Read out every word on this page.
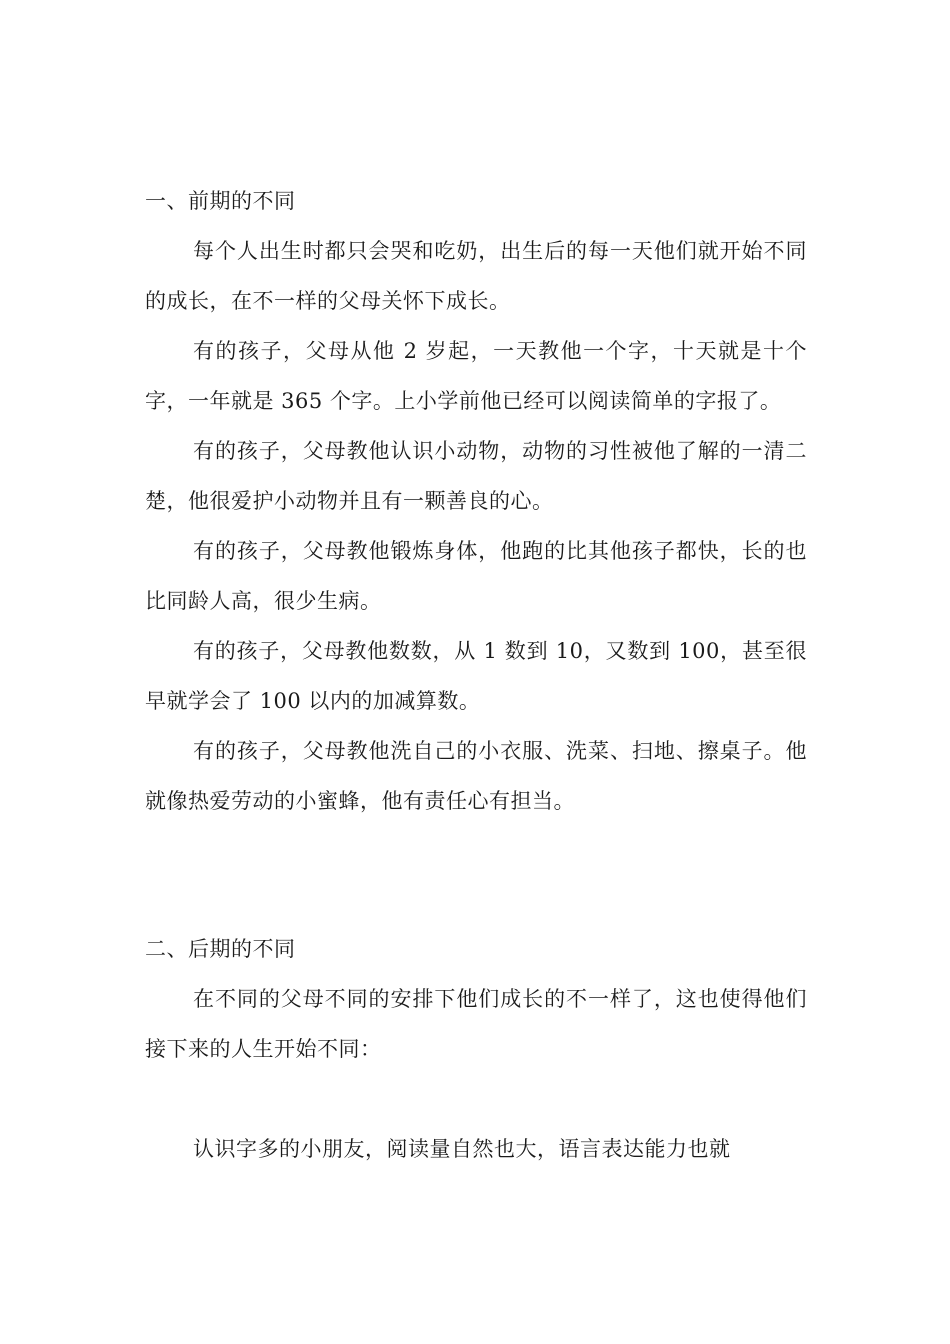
一、前期的不同

每个人出生时都只会哭和吃奶，出生后的每一天他们就开始不同的成长，在不一样的父母关怀下成长。

有的孩子，父母从他 2 岁起，一天教他一个字，十天就是十个字，一年就是 365 个字。上小学前他已经可以阅读简单的字报了。

有的孩子，父母教他认识小动物，动物的习性被他了解的一清二楚，他很爱护小动物并且有一颗善良的心。

有的孩子，父母教他锻炼身体，他跑的比其他孩子都快，长的也比同龄人高，很少生病。

有的孩子，父母教他数数，从 1 数到 10，又数到 100，甚至很早就学会了 100 以内的加减算数。

有的孩子，父母教他洗自己的小衣服、洗菜、扫地、擦桌子。他就像热爱劳动的小蜜蜂，他有责任心有担当。

二、后期的不同

在不同的父母不同的安排下他们成长的不一样了，这也使得他们接下来的人生开始不同：

认识字多的小朋友，阅读量自然也大，语言表达能力也就
